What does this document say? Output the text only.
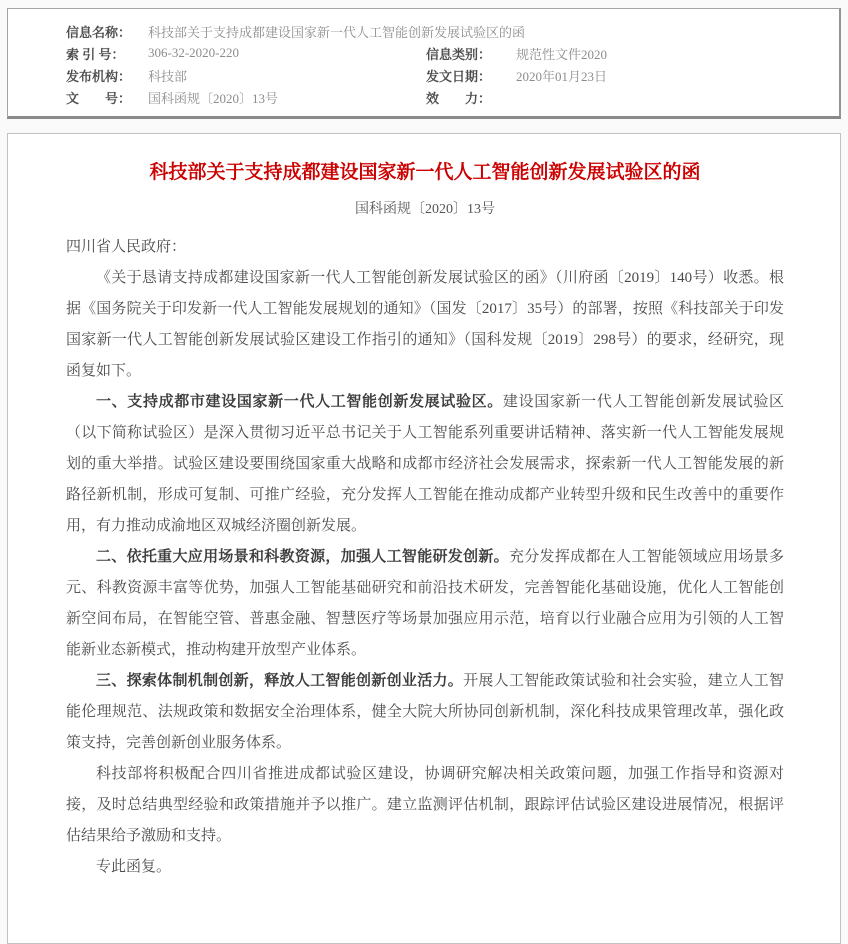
信息名称：	科技部关于支持成都建设国家新一代人工智能创新发展试验区的函
索 引 号：	306-32-2020-220	信息类别：	规范性文件2020
发布机构：	科技部	发文日期：	2020年01月23日
文　　号：	国科函规〔2020〕13号	效　　力：
科技部关于支持成都建设国家新一代人工智能创新发展试验区的函
国科函规〔2020〕13号

四川省人民政府：

《关于恳请支持成都建设国家新一代人工智能创新发展试验区的函》（川府函〔2019〕140号）收悉。根据《国务院关于印发新一代人工智能发展规划的通知》（国发〔2017〕35号）的部署，按照《科技部关于印发国家新一代人工智能创新发展试验区建设工作指引的通知》（国科发规〔2019〕298号）的要求，经研究，现函复如下。

一、支持成都市建设国家新一代人工智能创新发展试验区。建设国家新一代人工智能创新发展试验区（以下简称试验区）是深入贯彻习近平总书记关于人工智能系列重要讲话精神、落实新一代人工智能发展规划的重大举措。试验区建设要围绕国家重大战略和成都市经济社会发展需求，探索新一代人工智能发展的新路径新机制，形成可复制、可推广经验，充分发挥人工智能在推动成都产业转型升级和民生改善中的重要作用，有力推动成渝地区双城经济圈创新发展。

二、依托重大应用场景和科教资源，加强人工智能研发创新。充分发挥成都在人工智能领域应用场景多元、科教资源丰富等优势，加强人工智能基础研究和前沿技术研发，完善智能化基础设施，优化人工智能创新空间布局，在智能空管、普惠金融、智慧医疗等场景加强应用示范，培育以行业融合应用为引领的人工智能新业态新模式，推动构建开放型产业体系。

三、探索体制机制创新，释放人工智能创新创业活力。开展人工智能政策试验和社会实验，建立人工智能伦理规范、法规政策和数据安全治理体系，健全大院大所协同创新机制，深化科技成果管理改革，强化政策支持，完善创新创业服务体系。

科技部将积极配合四川省推进成都试验区建设，协调研究解决相关政策问题，加强工作指导和资源对接，及时总结典型经验和政策措施并予以推广。建立监测评估机制，跟踪评估试验区建设进展情况，根据评估结果给予激励和支持。

专此函复。
